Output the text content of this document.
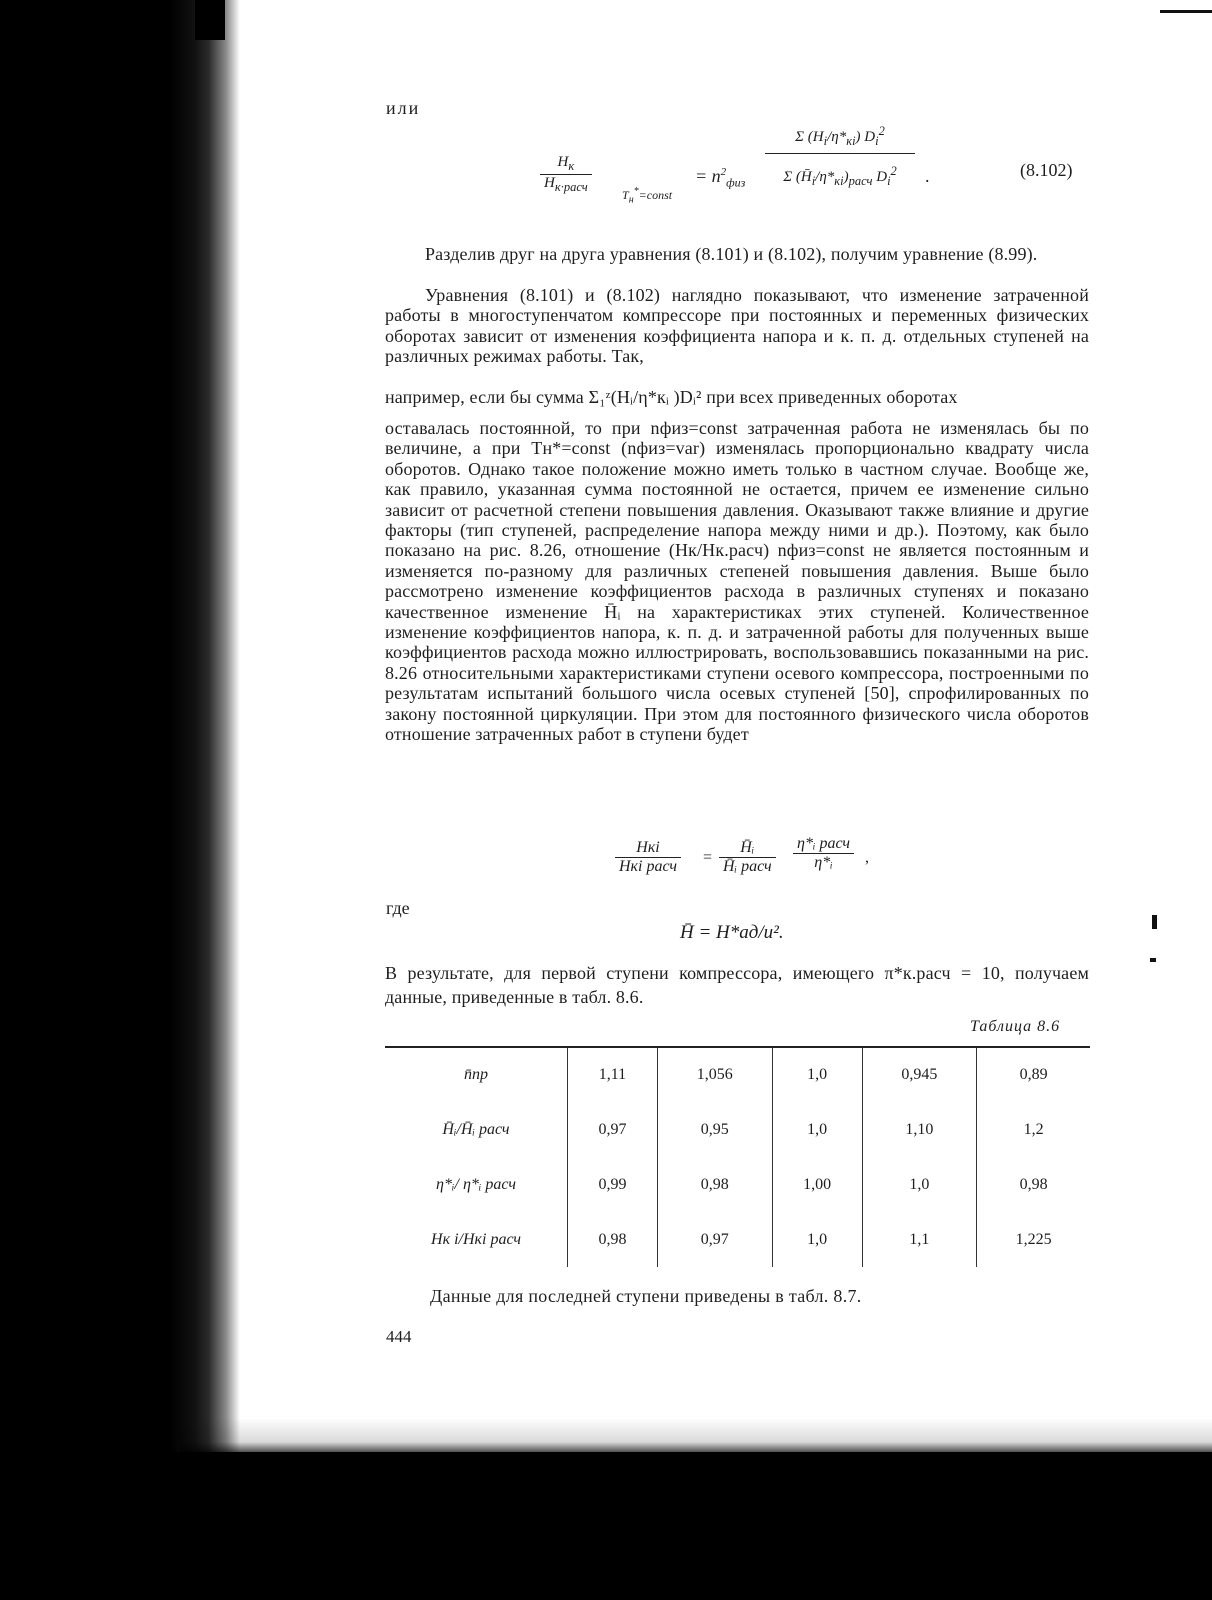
или
$H_к$
$H_{к\cdot расч}$
$T_н^*=const$
= $n^2_{физ}$
Σ $(H_i/\eta*_{кi})$ $D_i^2$
Σ $(H̄_i/\eta*_{кi})_{расч}$ $D_i^2$	.	(8.102)
Разделив друг на друга уравнения (8.101) и (8.102), получим уравнение (8.99).
Уравнения (8.101) и (8.102) наглядно показывают, что изменение затраченной работы в многоступенчатом компрессоре при постоянных и переменных физических оборотах зависит от изменения коэффициента напора и к. п. д. отдельных ступеней на различных режимах работы. Так,
например, если бы сумма Σ₁ᶻ(Hᵢ/η*кᵢ )Dᵢ² при всех приведенных оборотах
оставалась постоянной, то при nфиз=const затраченная работа не изменялась бы по величине, а при Tн*=const (nфиз=var) изменялась пропорционально квадрату числа оборотов. Однако такое положение можно иметь только в частном случае. Вообще же, как правило, указанная сумма постоянной не остается, причем ее изменение сильно зависит от расчетной степени повышения давления. Оказывают также влияние и другие факторы (тип ступеней, распределение напора между ними и др.). Поэтому, как было показано на рис. 8.26, отношение (Hк/Hк.расч) nфиз=const не является постоянным и изменяется по-разному для различных степеней повышения давления. Выше было рассмотрено изменение коэффициентов расхода в различных ступенях и показано качественное изменение H̄ᵢ на характеристиках этих ступеней. Количественное изменение коэффициентов напора, к. п. д. и затраченной работы для полученных выше коэффициентов расхода можно иллюстрировать, воспользовавшись показанными на рис. 8.26 относительными характеристиками ступени осевого компрессора, построенными по результатам испытаний большого числа осевых ступеней [50], спрофилированных по закону постоянной циркуляции. При этом для постоянного физического числа оборотов отношение затраченных работ в ступени будет
Hкi
Hкi расч
=
H̄ᵢ
H̄ᵢ расч
η*ᵢ расч
η*ᵢ	,
где
H̄ = H*ад/u².
В результате, для первой ступени компрессора, имеющего π*к.расч = 10, получаем данные, приведенные в табл. 8.6.
Таблица 8.6
n̄пр	1,11	1,056	1,0	0,945	0,89
H̄ᵢ/H̄ᵢ расч	0,97	0,95	1,0	1,10	1,2
η*ᵢ/ η*ᵢ расч	0,99	0,98	1,00	1,0	0,98
Hк i/Hкi расч	0,98	0,97	1,0	1,1	1,225
Данные для последней ступени приведены в табл. 8.7.
444
